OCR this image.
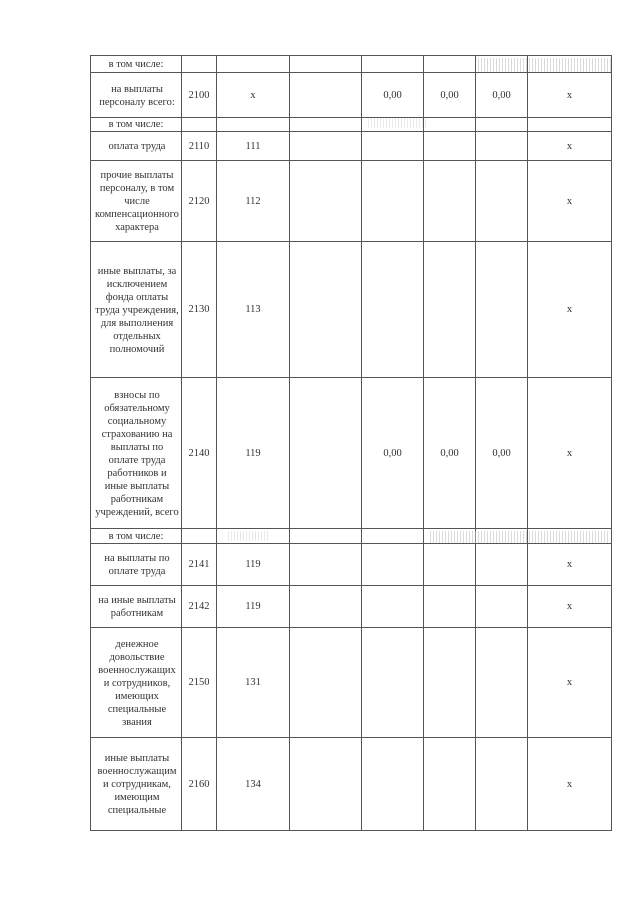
в том числе:							
на выплаты персоналу всего:	2100	х		0,00	0,00	0,00	х
в том числе:							
оплата труда	2110	111					х
прочие выплаты персоналу, в том числе компенсационного характера	2120	112					х
иные выплаты, за исключением фонда оплаты труда учреждения, для выполнения отдельных полномочий	2130	113					х
взносы по обязательному социальному страхованию на выплаты по оплате труда работников и иные выплаты работникам учреждений, всего	2140	119		0,00	0,00	0,00	х
в том числе:							
на выплаты по оплате труда	2141	119					х
на иные выплаты работникам	2142	119					х
денежное довольствие военнослужащих и сотрудников, имеющих специальные звания	2150	131					х
иные выплаты военнослужащим и сотрудникам, имеющим специальные	2160	134					х
